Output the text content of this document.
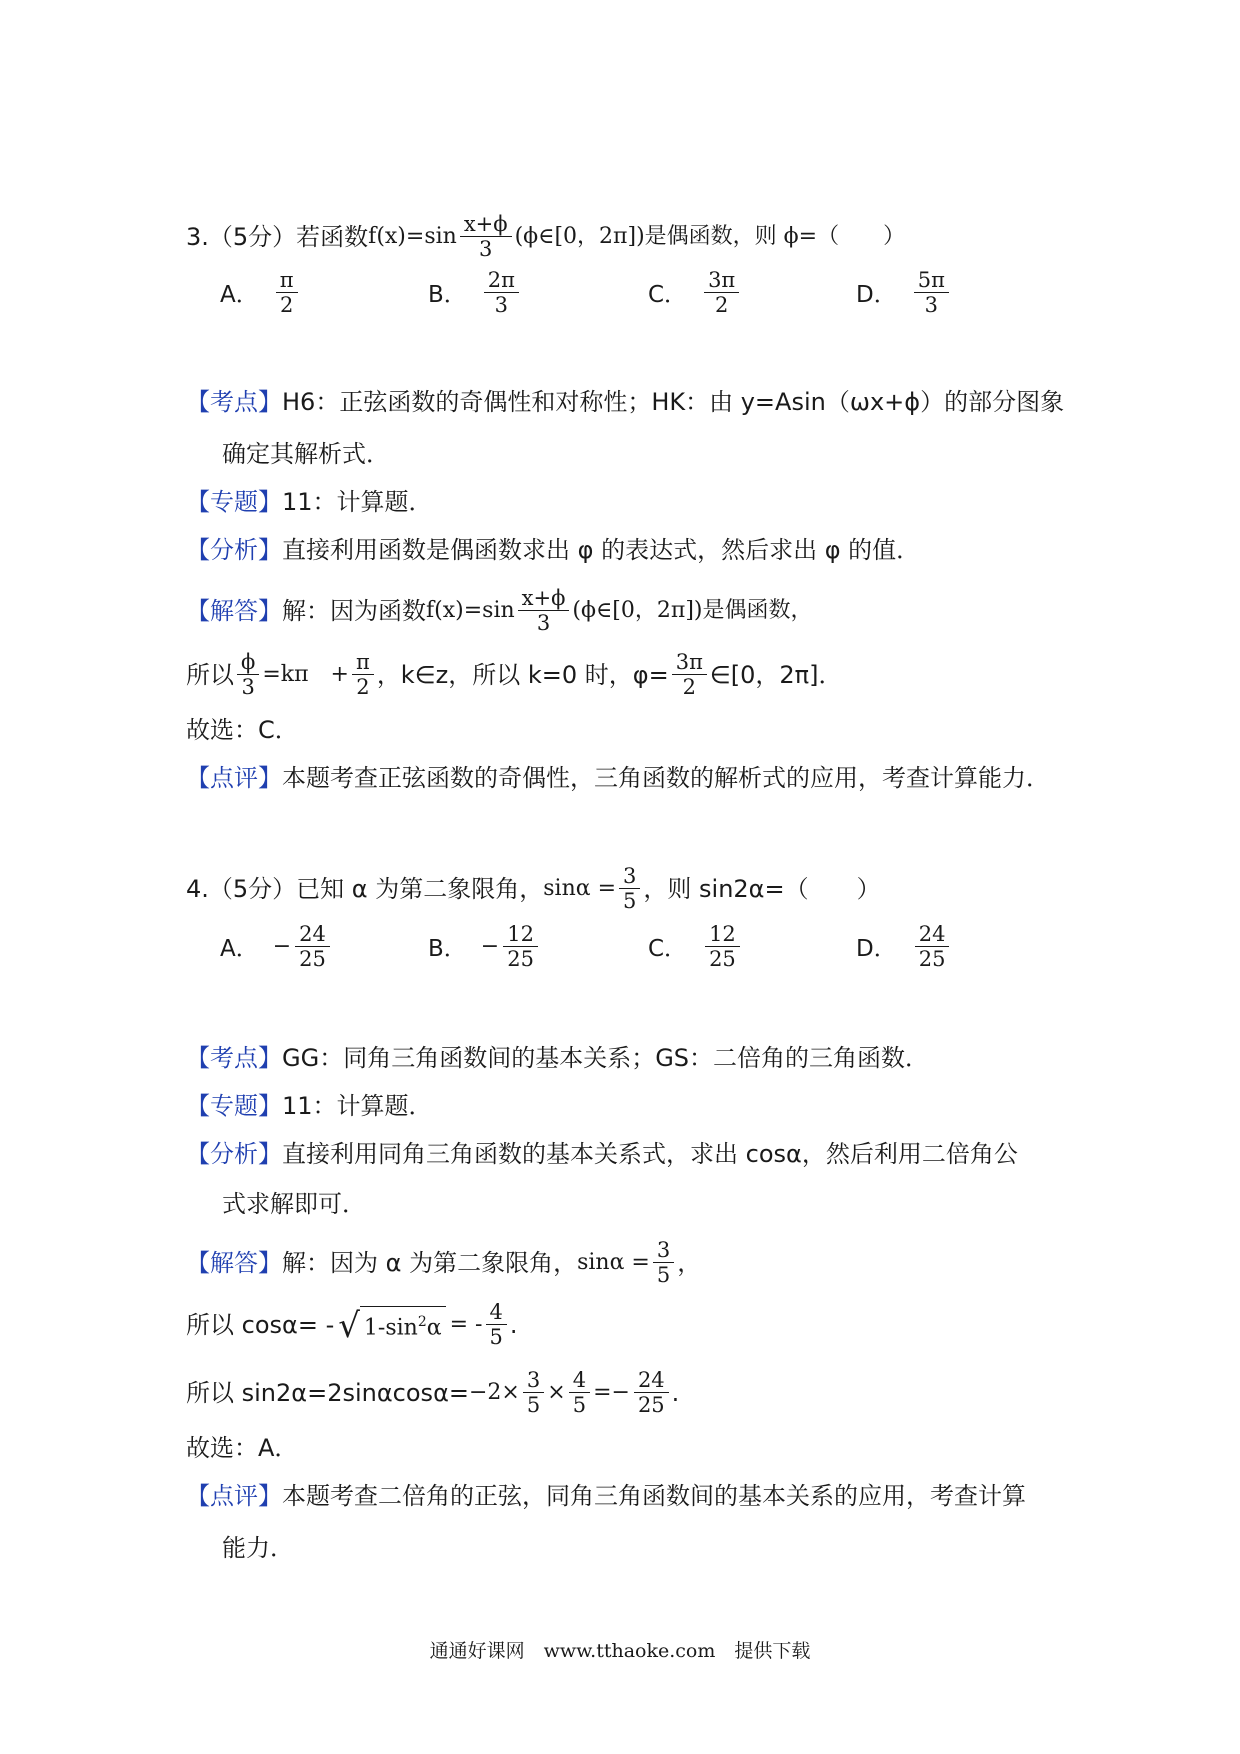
3.（5分）若函数 $f(x)=\sin \frac{x+\phi}{3}$ (ϕ∈[0，2π])是偶函数，则 ϕ=（　　）
A． $\frac{\pi}{2}$	B． $\frac{2\pi}{3}$	C． $\frac{3\pi}{2}$	D． $\frac{5\pi}{3}$
【考点】 H6：正弦函数的奇偶性和对称性；HK：由 y=Asin（ωx+ϕ）的部分图象
确定其解析式．
【专题】 11：计算题．
【分析】 直接利用函数是偶函数求出 φ 的表达式，然后求出 φ 的值．
【解答】 解：因为函数 $f(x)=\sin \frac{x+\phi}{3}$ (ϕ∈[0，2π])是偶函数，
所以 $\frac{\phi}{3} =k\pi$　+ $\frac{\pi}{2}$ ，k∈z，所以 k=0 时，$\varphi= \frac{3\pi}{2}$ ∈[0，2π]．
故选：C．
【点评】 本题考查正弦函数的奇偶性，三角函数的解析式的应用，考查计算能力．
4.（5分）已知 α 为第二象限角， $\sin\alpha = \frac{3}{5}$ ，则 sin2α=（　　）
A． − $\frac{24}{25}$	B． − $\frac{12}{25}$	C． $\frac{12}{25}$	D． $\frac{24}{25}$
【考点】 GG：同角三角函数间的基本关系；GS：二倍角的三角函数．
【专题】 11：计算题．
【分析】 直接利用同角三角函数的基本关系式，求出 cosα，然后利用二倍角公
式求解即可．
【解答】 解：因为 α 为第二象限角， $\sin\alpha = \frac{3}{5}$ ，
所以 cosα= - √ $1-\sin^2\alpha$ = - $\frac{4}{5}$ .
所以 $\sin 2\alpha=2\sin\alpha\cos\alpha= -2\times \frac{3}{5} \times \frac{4}{5}$ = − $\frac{24}{25}$ .
故选：A．
【点评】 本题考查二倍角的正弦，同角三角函数间的基本关系的应用，考查计算
能力．
通通好课网　www.tthaoke.com　提供下载
